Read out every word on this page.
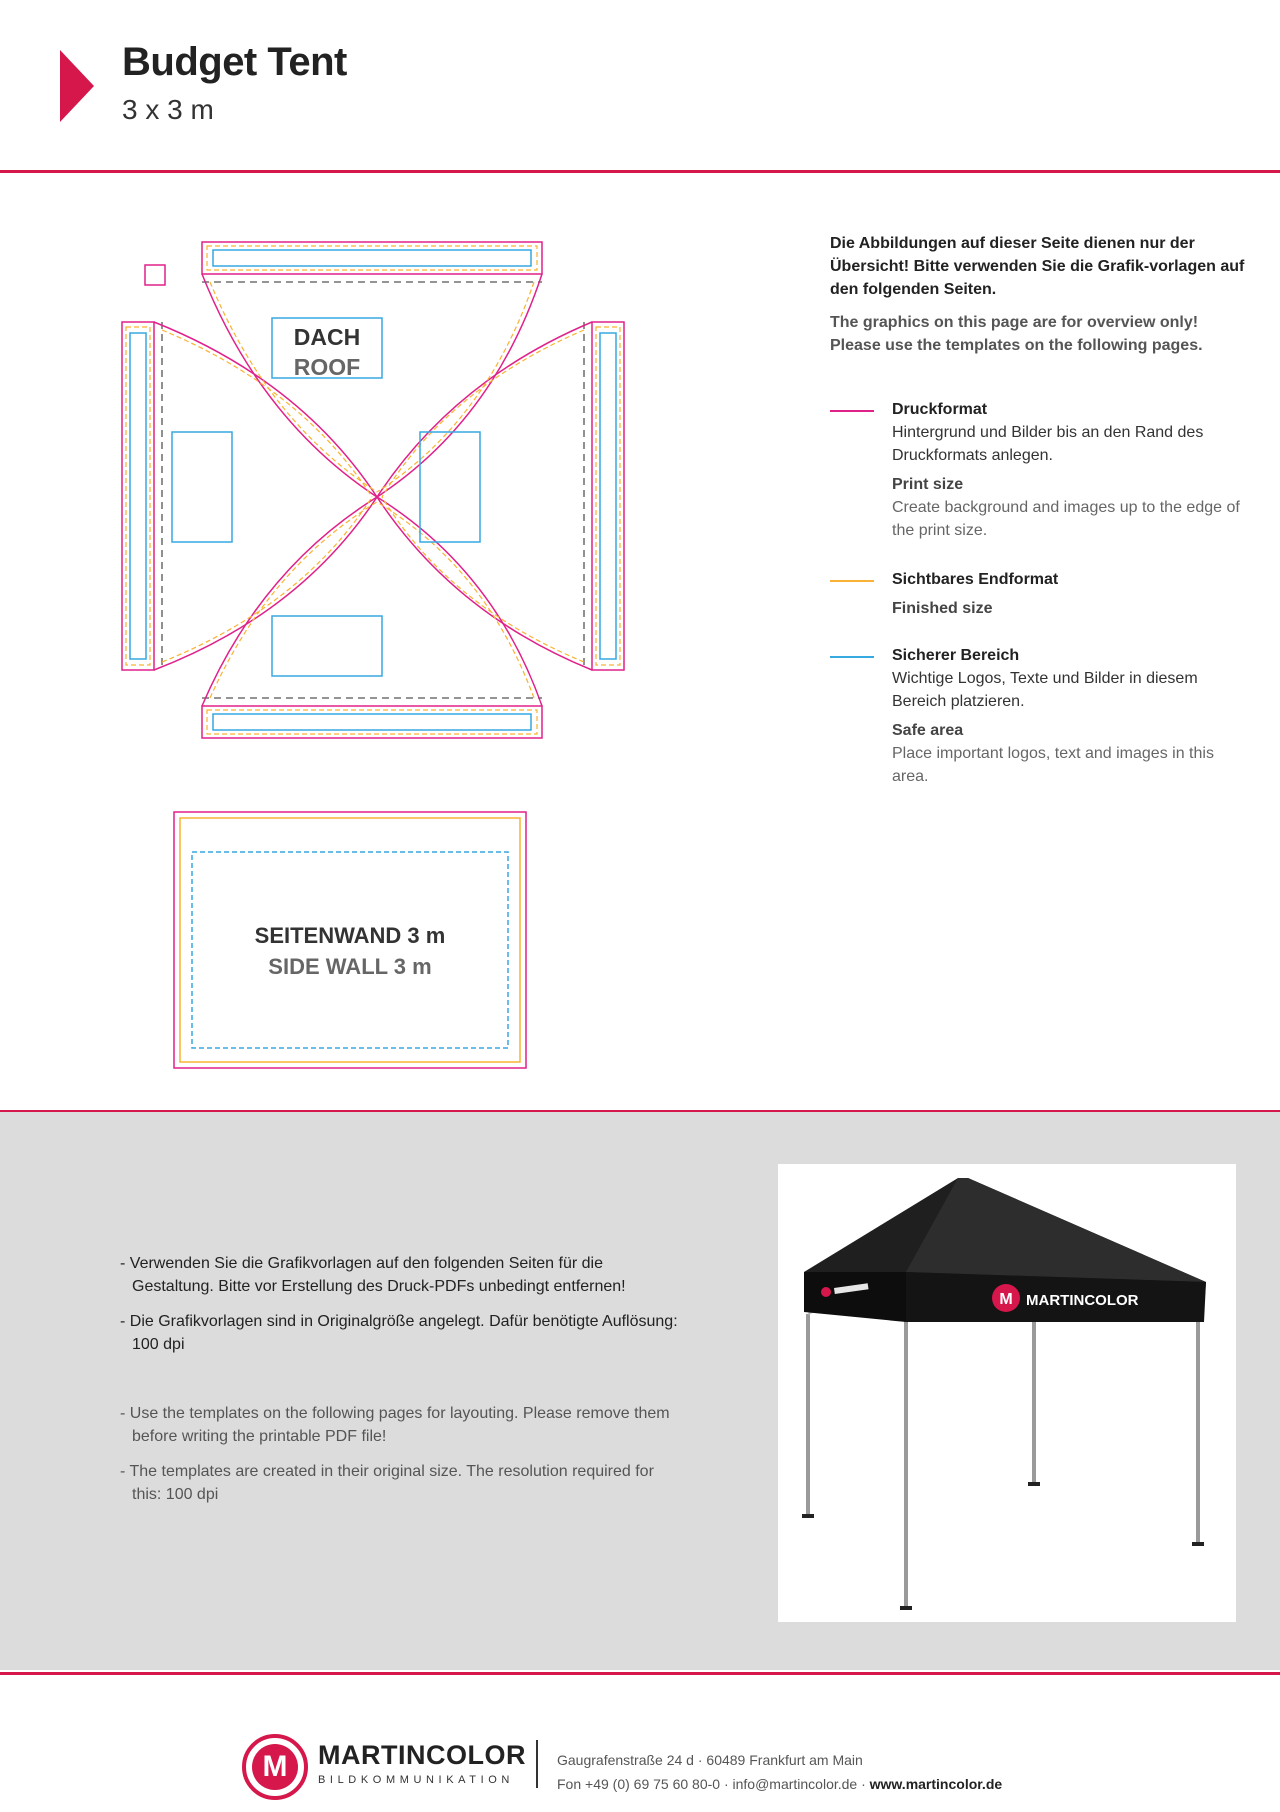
Budget Tent
3 x 3 m
DACH
ROOF
SEITENWAND 3 m
SIDE WALL 3 m
Die Abbildungen auf dieser Seite dienen nur der Übersicht! Bitte verwenden Sie die Grafik-vorlagen auf den folgenden Seiten.
The graphics on this page are for overview only! Please use the templates on the following pages.
Druckformat
Hintergrund und Bilder bis an den Rand des Druckformats anlegen.
Print size
Create background and images up to the edge of the print size.
Sichtbares Endformat
Finished size
Sicherer Bereich
Wichtige Logos, Texte und Bilder in diesem Bereich platzieren.
Safe area
Place important logos, text and images in this area.
- Verwenden Sie die Grafikvorlagen auf den folgenden Seiten für die Gestaltung. Bitte vor Erstellung des Druck-PDFs unbedingt entfernen!
- Die Grafikvorlagen sind in Originalgröße angelegt. Dafür benötigte Auflösung: 100 dpi
- Use the templates on the following pages for layouting. Please remove them before writing the printable PDF file!
- The templates are created in their original size. The resolution required for this: 100 dpi
M MARTINCOLOR
M	MARTINCOLOR
BILDKOMMUNIKATION
Gaugrafenstraße 24 d · 60489 Frankfurt am Main
Fon +49 (0) 69 75 60 80-0 · info@martincolor.de · www.martincolor.de
